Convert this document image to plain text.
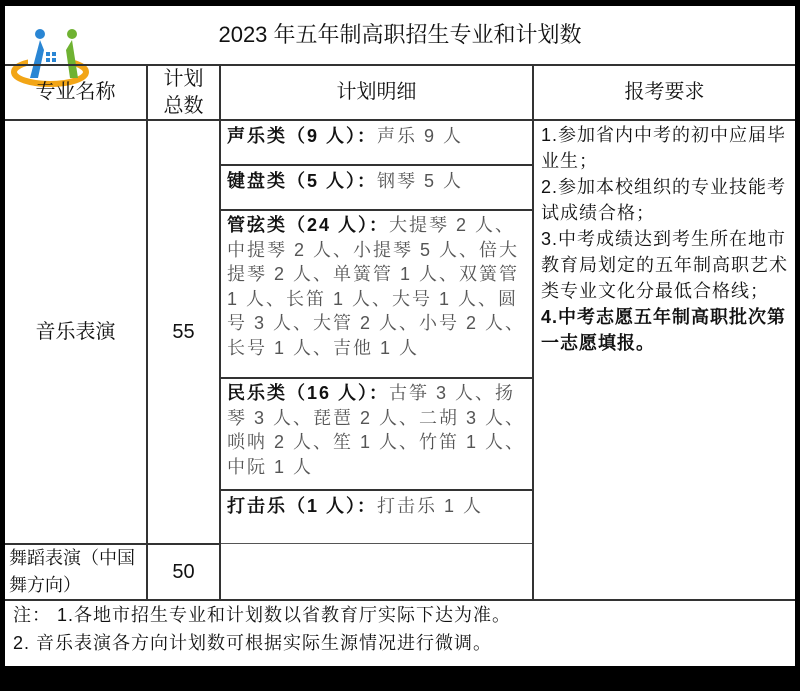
2023 年五年制高职招生专业和计划数
专业名称
计划总数
计划明细	报考要求
音乐表演	55
声乐类（9 人）：声乐 9 人
键盘类（5 人）：钢琴 5 人
管弦类（24 人）：大提琴 2 人、中提琴 2 人、小提琴 5 人、倍大提琴 2 人、单簧管 1 人、双簧管 1 人、长笛 1 人、大号 1 人、圆号 3 人、大管 2 人、小号 2 人、长号 1 人、吉他 1 人
民乐类（16 人）：古筝 3 人、扬琴 3 人、琵琶 2 人、二胡 3 人、唢呐 2 人、笙 1 人、竹笛 1 人、中阮 1 人
打击乐（1 人）：打击乐 1 人
1.参加省内中考的初中应届毕业生；
2.参加本校组织的专业技能考试成绩合格；
3.中考成绩达到考生所在地市教育局划定的五年制高职艺术类专业文化分最低合格线；
4.中考志愿五年制高职批次第一志愿填报。
舞蹈表演（中国舞方向）
50
注： 1.各地市招生专业和计划数以省教育厅实际下达为准。
2. 音乐表演各方向计划数可根据实际生源情况进行微调。
